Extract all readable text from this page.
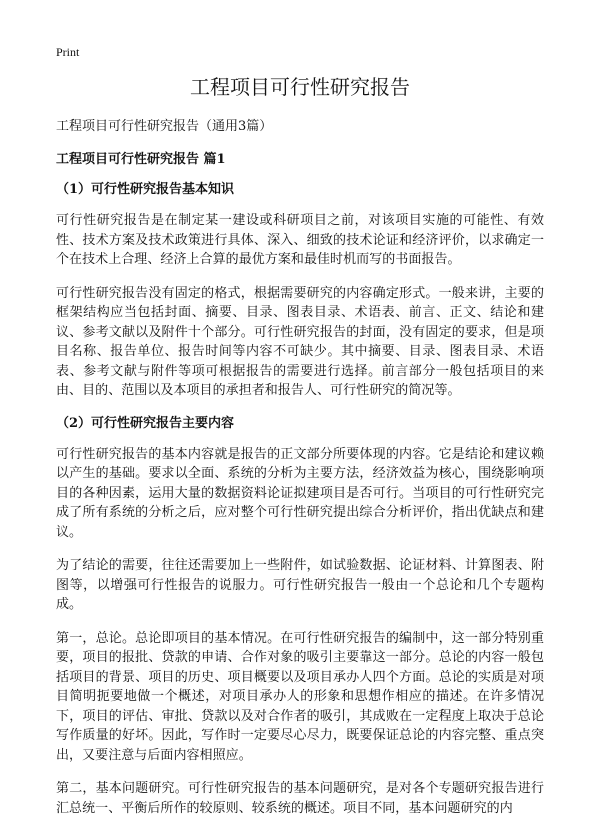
Print
工程项目可行性研究报告

工程项目可行性研究报告（通用3篇）

工程项目可行性研究报告 篇1

（1）可行性研究报告基本知识

可行性研究报告是在制定某一建设或科研项目之前，对该项目实施的可能性、有效性、技术方案及技术政策进行具体、深入、细致的技术论证和经济评价，以求确定一个在技术上合理、经济上合算的最优方案和最佳时机而写的书面报告。

可行性研究报告没有固定的格式，根据需要研究的内容确定形式。一般来讲，主要的框架结构应当包括封面、摘要、目录、图表目录、术语表、前言、正文、结论和建议、参考文献以及附件十个部分。可行性研究报告的封面，没有固定的要求，但是项目名称、报告单位、报告时间等内容不可缺少。其中摘要、目录、图表目录、术语表、参考文献与附件等项可根据报告的需要进行选择。前言部分一般包括项目的来由、目的、范围以及本项目的承担者和报告人、可行性研究的简况等。

（2）可行性研究报告主要内容

可行性研究报告的基本内容就是报告的正文部分所要体现的内容。它是结论和建议赖以产生的基础。要求以全面、系统的分析为主要方法，经济效益为核心，围绕影响项目的各种因素，运用大量的数据资料论证拟建项目是否可行。当项目的可行性研究完成了所有系统的分析之后，应对整个可行性研究提出综合分析评价，指出优缺点和建议。

为了结论的需要，往往还需要加上一些附件，如试验数据、论证材料、计算图表、附图等，以增强可行性报告的说服力。可行性研究报告一般由一个总论和几个专题构成。

第一，总论。总论即项目的基本情况。在可行性研究报告的编制中，这一部分特别重要，项目的报批、贷款的申请、合作对象的吸引主要靠这一部分。总论的内容一般包括项目的背景、项目的历史、项目概要以及项目承办人四个方面。总论的实质是对项目简明扼要地做一个概述，对项目承办人的形象和思想作相应的描述。在许多情况下，项目的评估、审批、贷款以及对合作者的吸引，其成败在一定程度上取决于总论写作质量的好坏。因此，写作时一定要尽心尽力，既要保证总论的内容完整、重点突出，又要注意与后面内容相照应。

第二，基本问题研究。可行性研究报告的基本问题研究，是对各个专题研究报告进行汇总统一、平衡后所作的较原则、较系统的概述。项目不同，基本问题研究的内
